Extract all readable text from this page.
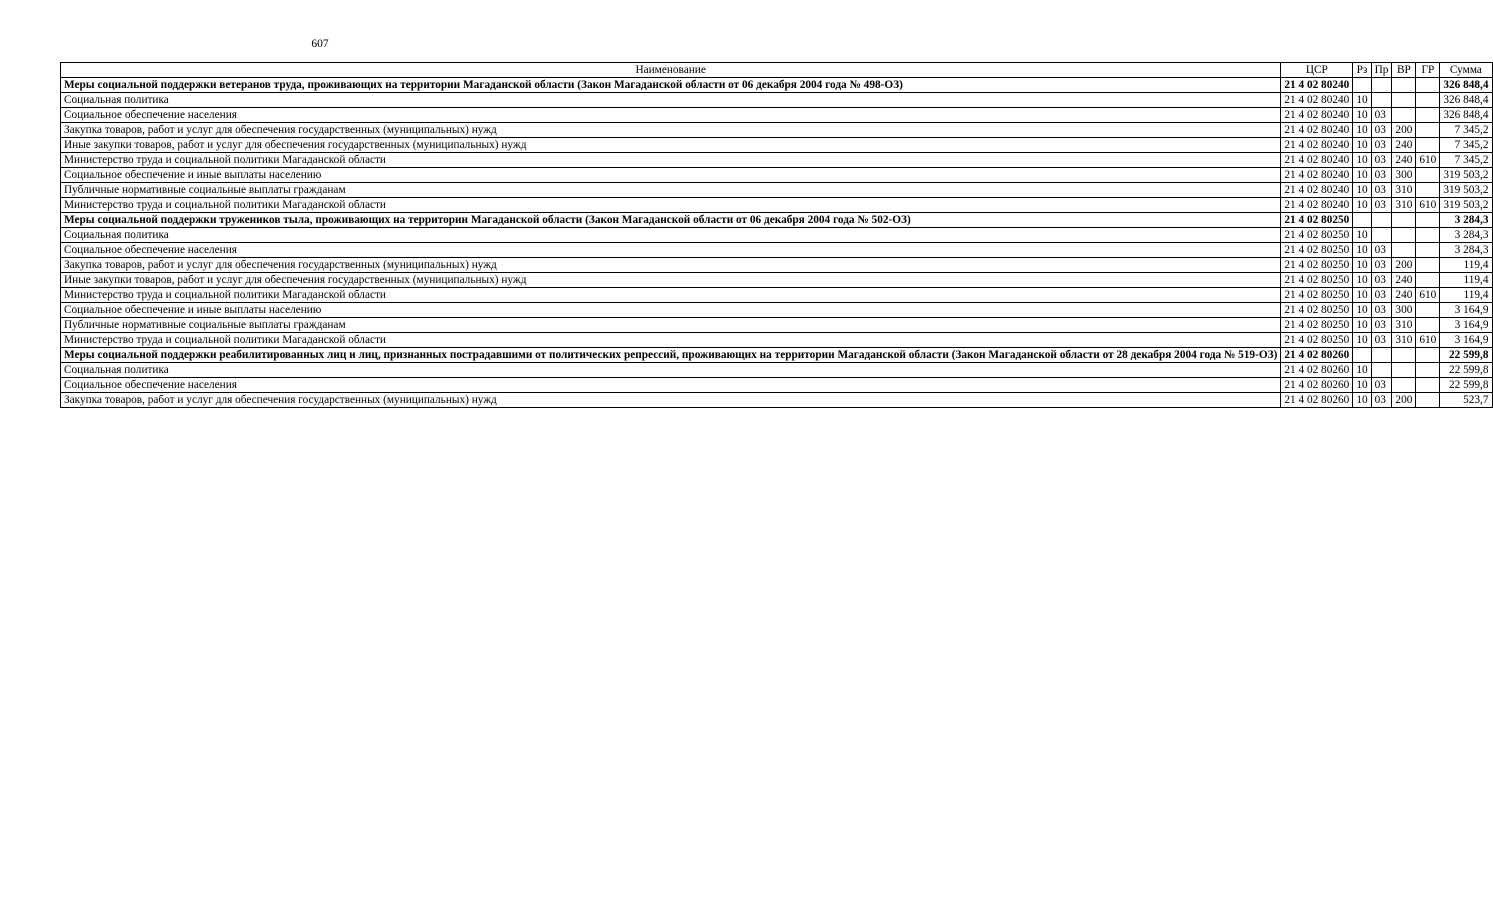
607
Наименование	ЦСР	Рз	Пр	ВР	ГР	Сумма
Меры социальной поддержки ветеранов труда, проживающих на территории Магаданской области (Закон Магаданской области от 06 декабря 2004 года № 498-ОЗ)	21 4 02 80240					326 848,4
Социальная политика	21 4 02 80240	10				326 848,4
Социальное обеспечение населения	21 4 02 80240	10	03			326 848,4
Закупка товаров, работ и услуг для обеспечения государственных (муниципальных) нужд	21 4 02 80240	10	03	200		7 345,2
Иные закупки товаров, работ и услуг для обеспечения государственных (муниципальных) нужд	21 4 02 80240	10	03	240		7 345,2
Министерство труда и социальной политики Магаданской области	21 4 02 80240	10	03	240	610	7 345,2
Социальное обеспечение и иные выплаты населению	21 4 02 80240	10	03	300		319 503,2
Публичные нормативные социальные выплаты гражданам	21 4 02 80240	10	03	310		319 503,2
Министерство труда и социальной политики Магаданской области	21 4 02 80240	10	03	310	610	319 503,2
Меры социальной поддержки тружеников тыла, проживающих на территории Магаданской области (Закон Магаданской области от 06 декабря 2004 года № 502-ОЗ)	21 4 02 80250					3 284,3
Социальная политика	21 4 02 80250	10				3 284,3
Социальное обеспечение населения	21 4 02 80250	10	03			3 284,3
Закупка товаров, работ и услуг для обеспечения государственных (муниципальных) нужд	21 4 02 80250	10	03	200		119,4
Иные закупки товаров, работ и услуг для обеспечения государственных (муниципальных) нужд	21 4 02 80250	10	03	240		119,4
Министерство труда и социальной политики Магаданской области	21 4 02 80250	10	03	240	610	119,4
Социальное обеспечение и иные выплаты населению	21 4 02 80250	10	03	300		3 164,9
Публичные нормативные социальные выплаты гражданам	21 4 02 80250	10	03	310		3 164,9
Министерство труда и социальной политики Магаданской области	21 4 02 80250	10	03	310	610	3 164,9
Меры социальной поддержки реабилитированных лиц и лиц, признанных пострадавшими от политических репрессий, проживающих на территории Магаданской области (Закон Магаданской области от 28 декабря 2004 года № 519-ОЗ)	21 4 02 80260					22 599,8
Социальная политика	21 4 02 80260	10				22 599,8
Социальное обеспечение населения	21 4 02 80260	10	03			22 599,8
Закупка товаров, работ и услуг для обеспечения государственных (муниципальных) нужд	21 4 02 80260	10	03	200		523,7
